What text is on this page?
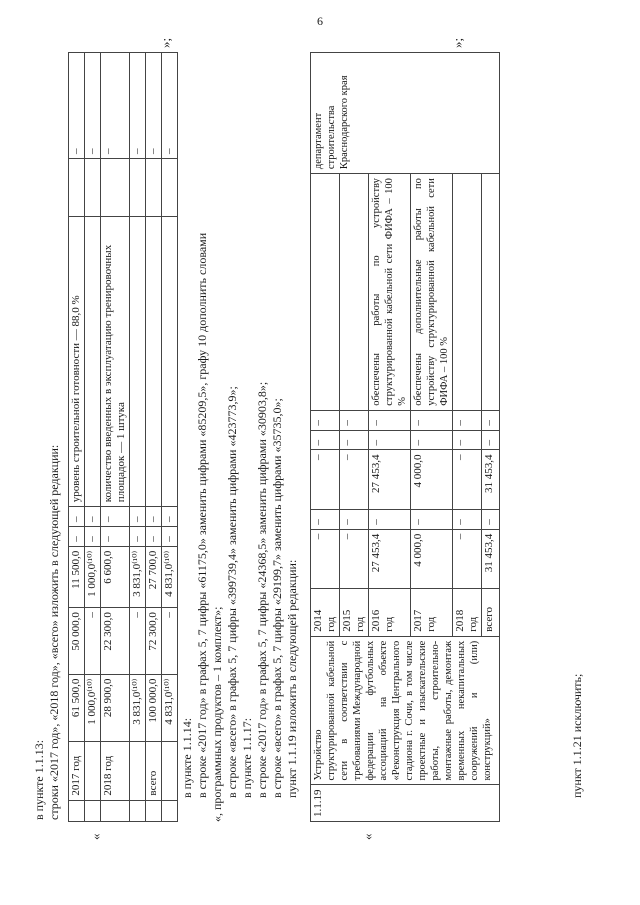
6
в пункте 1.1.13: строки «2017 год», «2018 год», «всего» изложить в следующей редакции:
«
	2017 год	61 500,0	50 000,0	11 500,0	–	–	уровень строительной готовности — 88,0 %		–
		1 000,0⁽¹⁰⁾	–	1 000,0⁽¹⁰⁾	–	–			–
	2018 год	28 900,0	22 300,0	6 600,0	–	–	количество введенных в эксплуатацию тренировочных площадок — 1 штука		–
		3 831,0⁽¹⁰⁾	–	3 831,0⁽¹⁰⁾	–	–			–
	всего	100 000,0	72 300,0	27 700,0	–	–			–
		4 831,0⁽¹⁰⁾	–	4 831,0⁽¹⁰⁾	–	–			–
»;
в пункте 1.1.14: в строке «2017 год» в графах 5, 7 цифры «61175,0» заменить цифрами «85209,5», графу 10 дополнить словами «, программных продуктов – 1 комплект»; в строке «всего» в графах 5, 7 цифры «399739,4» заменить цифрами «423773,9»; в пункте 1.1.17: в строке «2017 год» в графах 5, 7 цифры «24368,5» заменить цифрами «30903,8»; в строке «всего» в графах 5, 7 цифры «29199,7» заменить цифрами «35735,0»; пункт 1.1.19 изложить в следующей редакции:
«
1.1.19	Устройство структурированной кабельной сети в соответствии с требованиями Международной федерации футбольных ассоциаций на объекте «Реконструкция Центрального стадиона г. Сочи, в том числе проектные и изыскательские работы, строительно-монтажные работы, демонтаж временных некапитальных сооружений и (или) конструкций»	2014 год	–	–	–	–	–		департамент строительства Краснодарского края
		2015 год	–	–	–	–	–		
		2016 год	27 453,4	–	27 453,4	–	–	обеспечены работы по устройству структурированной кабельной сети ФИФА – 100 %	
		2017 год	4 000,0	–	4 000,0	–	–	обеспечены дополнительные работы по устройству структурированной кабельной сети ФИФА – 100 %	
		2018 год	–	–	–	–	–		
		всего	31 453,4	–	31 453,4	–	–		
»;
пункт 1.1.21 исключить;
